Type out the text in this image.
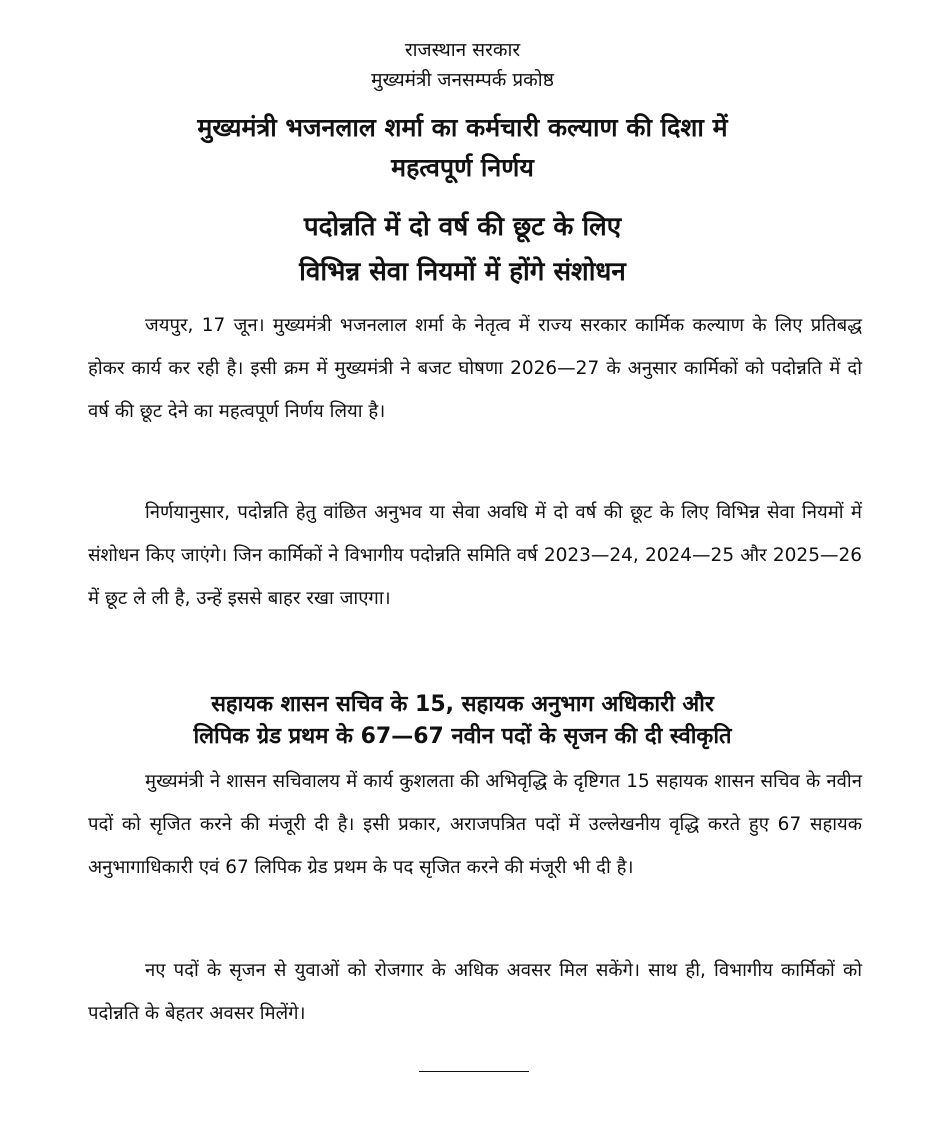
राजस्थान सरकार
मुख्यमंत्री जनसम्पर्क प्रकोष्ठ
मुख्यमंत्री भजनलाल शर्मा का कर्मचारी कल्याण की दिशा में
महत्वपूर्ण निर्णय
पदोन्नति में दो वर्ष की छूट के लिए
विभिन्न सेवा नियमों में होंगे संशोधन

जयपुर, 17 जून। मुख्यमंत्री भजनलाल शर्मा के नेतृत्व में राज्य सरकार कार्मिक कल्याण के लिए प्रतिबद्ध होकर कार्य कर रही है। इसी क्रम में मुख्यमंत्री ने बजट घोषणा 2026—27 के अनुसार कार्मिकों को पदोन्नति में दो वर्ष की छूट देने का महत्वपूर्ण निर्णय लिया है।

निर्णयानुसार, पदोन्नति हेतु वांछित अनुभव या सेवा अवधि में दो वर्ष की छूट के लिए विभिन्न सेवा नियमों में संशोधन किए जाएंगे। जिन कार्मिकों ने विभागीय पदोन्नति समिति वर्ष 2023—24, 2024—25 और 2025—26 में छूट ले ली है, उन्हें इससे बाहर रखा जाएगा।

सहायक शासन सचिव के 15, सहायक अनुभाग अधिकारी और
लिपिक ग्रेड प्रथम के 67—67 नवीन पदों के सृजन की दी स्वीकृति

मुख्यमंत्री ने शासन सचिवालय में कार्य कुशलता की अभिवृद्धि के दृष्टिगत 15 सहायक शासन सचिव के नवीन पदों को सृजित करने की मंजूरी दी है। इसी प्रकार, अराजपत्रित पदों में उल्लेखनीय वृद्धि करते हुए 67 सहायक अनुभागाधिकारी एवं 67 लिपिक ग्रेड प्रथम के पद सृजित करने की मंजूरी भी दी है।

नए पदों के सृजन से युवाओं को रोजगार के अधिक अवसर मिल सकेंगे। साथ ही, विभागीय कार्मिकों को पदोन्नति के बेहतर अवसर मिलेंगे।
